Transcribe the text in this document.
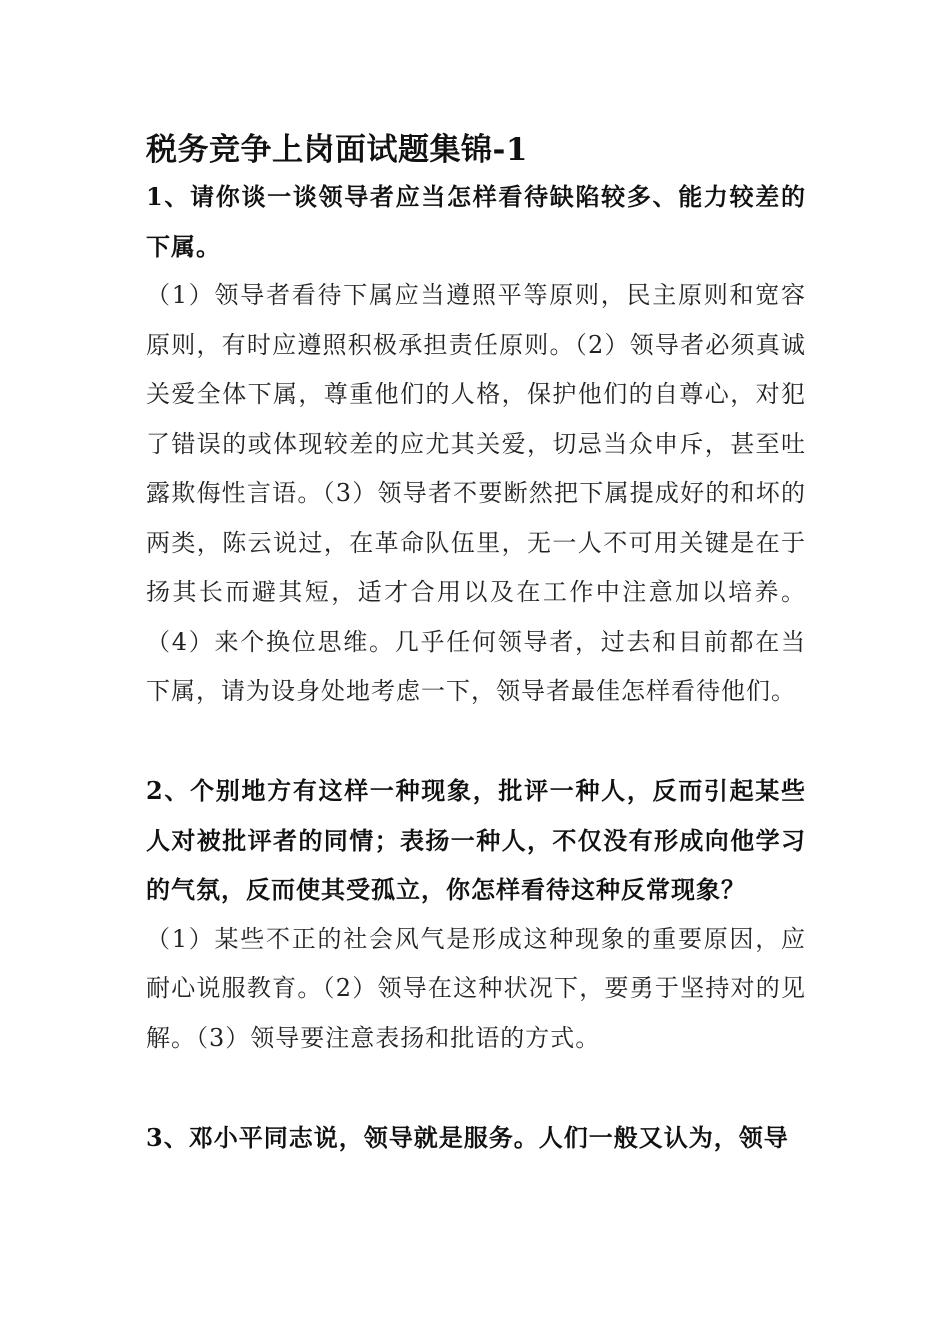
税务竞争上岗面试题集锦-1

1、请你谈一谈领导者应当怎样看待缺陷较多、能力较差的下属。

（1）领导者看待下属应当遵照平等原则，民主原则和宽容原则，有时应遵照积极承担责任原则。（2）领导者必须真诚关爱全体下属，尊重他们的人格，保护他们的自尊心，对犯了错误的或体现较差的应尤其关爱，切忌当众申斥，甚至吐露欺侮性言语。（3）领导者不要断然把下属提成好的和坏的两类，陈云说过，在革命队伍里，无一人不可用关键是在于扬其长而避其短，适才合用以及在工作中注意加以培养。（4）来个换位思维。几乎任何领导者，过去和目前都在当下属，请为设身处地考虑一下，领导者最佳怎样看待他们。

2、个别地方有这样一种现象，批评一种人，反而引起某些人对被批评者的同情；表扬一种人，不仅没有形成向他学习的气氛，反而使其受孤立，你怎样看待这种反常现象？

（1）某些不正的社会风气是形成这种现象的重要原因，应耐心说服教育。（2）领导在这种状况下，要勇于坚持对的见解。（3）领导要注意表扬和批语的方式。

3、邓小平同志说，领导就是服务。人们一般又认为，领导
